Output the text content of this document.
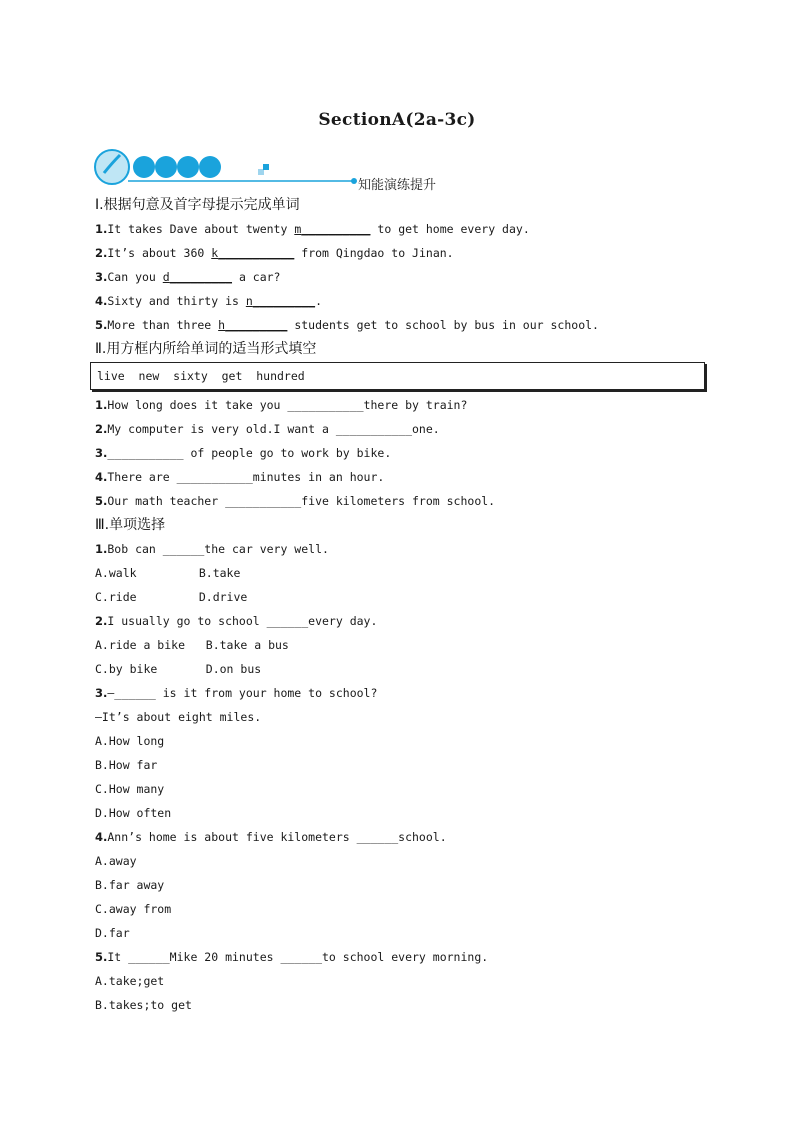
SectionA(2a-3c)
知能演练提升
Ⅰ.根据句意及首字母提示完成单词
1.It takes Dave about twenty m__________ to get home every day.
2.It’s about 360 k___________ from Qingdao to Jinan.
3.Can you d_________ a car?
4.Sixty and thirty is n_________.
5.More than three h_________ students get to school by bus in our school.
Ⅱ.用方框内所给单词的适当形式填空
live  new  sixty  get  hundred
1.How long does it take you ___________there by train?
2.My computer is very old.I want a ___________one.
3.___________ of people go to work by bike.
4.There are ___________minutes in an hour.
5.Our math teacher ___________five kilometers from school.
Ⅲ.单项选择
1.Bob can ______the car very well.
A.walk         B.take
C.ride         D.drive
2.I usually go to school ______every day.
A.ride a bike   B.take a bus
C.by bike       D.on bus
3.—______ is it from your home to school?
—It’s about eight miles.
A.How long
B.How far
C.How many
D.How often
4.Ann’s home is about five kilometers ______school.
A.away
B.far away
C.away from
D.far
5.It ______Mike 20 minutes ______to school every morning.
A.take;get
B.takes;to get
